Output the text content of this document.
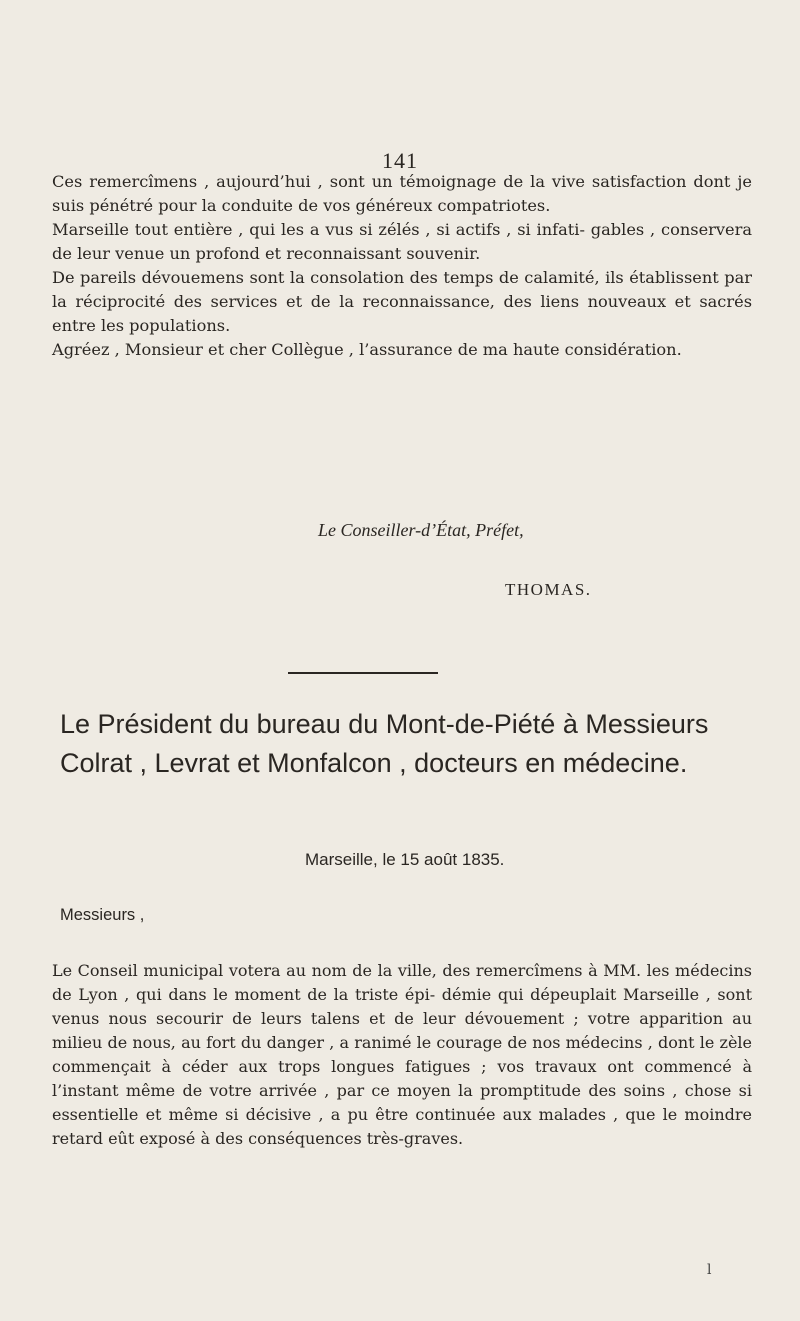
141

Ces remercîmens , aujourd’hui , sont un témoignage de la vive satisfaction dont je suis pénétré pour la conduite de vos généreux compatriotes.

Marseille tout entière , qui les a vus si zélés , si actifs , si infati- gables , conservera de leur venue un profond et reconnaissant souvenir.

De pareils dévouemens sont la consolation des temps de calamité, ils établissent par la réciprocité des services et de la reconnaissance, des liens nouveaux et sacrés entre les populations.

Agréez , Monsieur et cher Collègue , l’assurance de ma haute considération.

Le Conseiller-d’État, Préfet,
THOMAS.
Le Président du bureau du Mont-de-Piété à Messieurs Colrat , Levrat et Monfalcon , docteurs en médecine.
Marseille, le 15 août 1835.
Messieurs ,
Le Conseil municipal votera au nom de la ville, des remercîmens à MM. les médecins de Lyon , qui dans le moment de la triste épi- démie qui dépeuplait Marseille , sont venus nous secourir de leurs talens et de leur dévouement ; votre apparition au milieu de nous, au fort du danger , a ranimé le courage de nos médecins , dont le zèle commençait à céder aux trops longues fatigues ; vos travaux ont commencé à l’instant même de votre arrivée , par ce moyen la promptitude des soins , chose si essentielle et même si décisive , a pu être continuée aux malades , que le moindre retard eût exposé à des conséquences très-graves.
l
